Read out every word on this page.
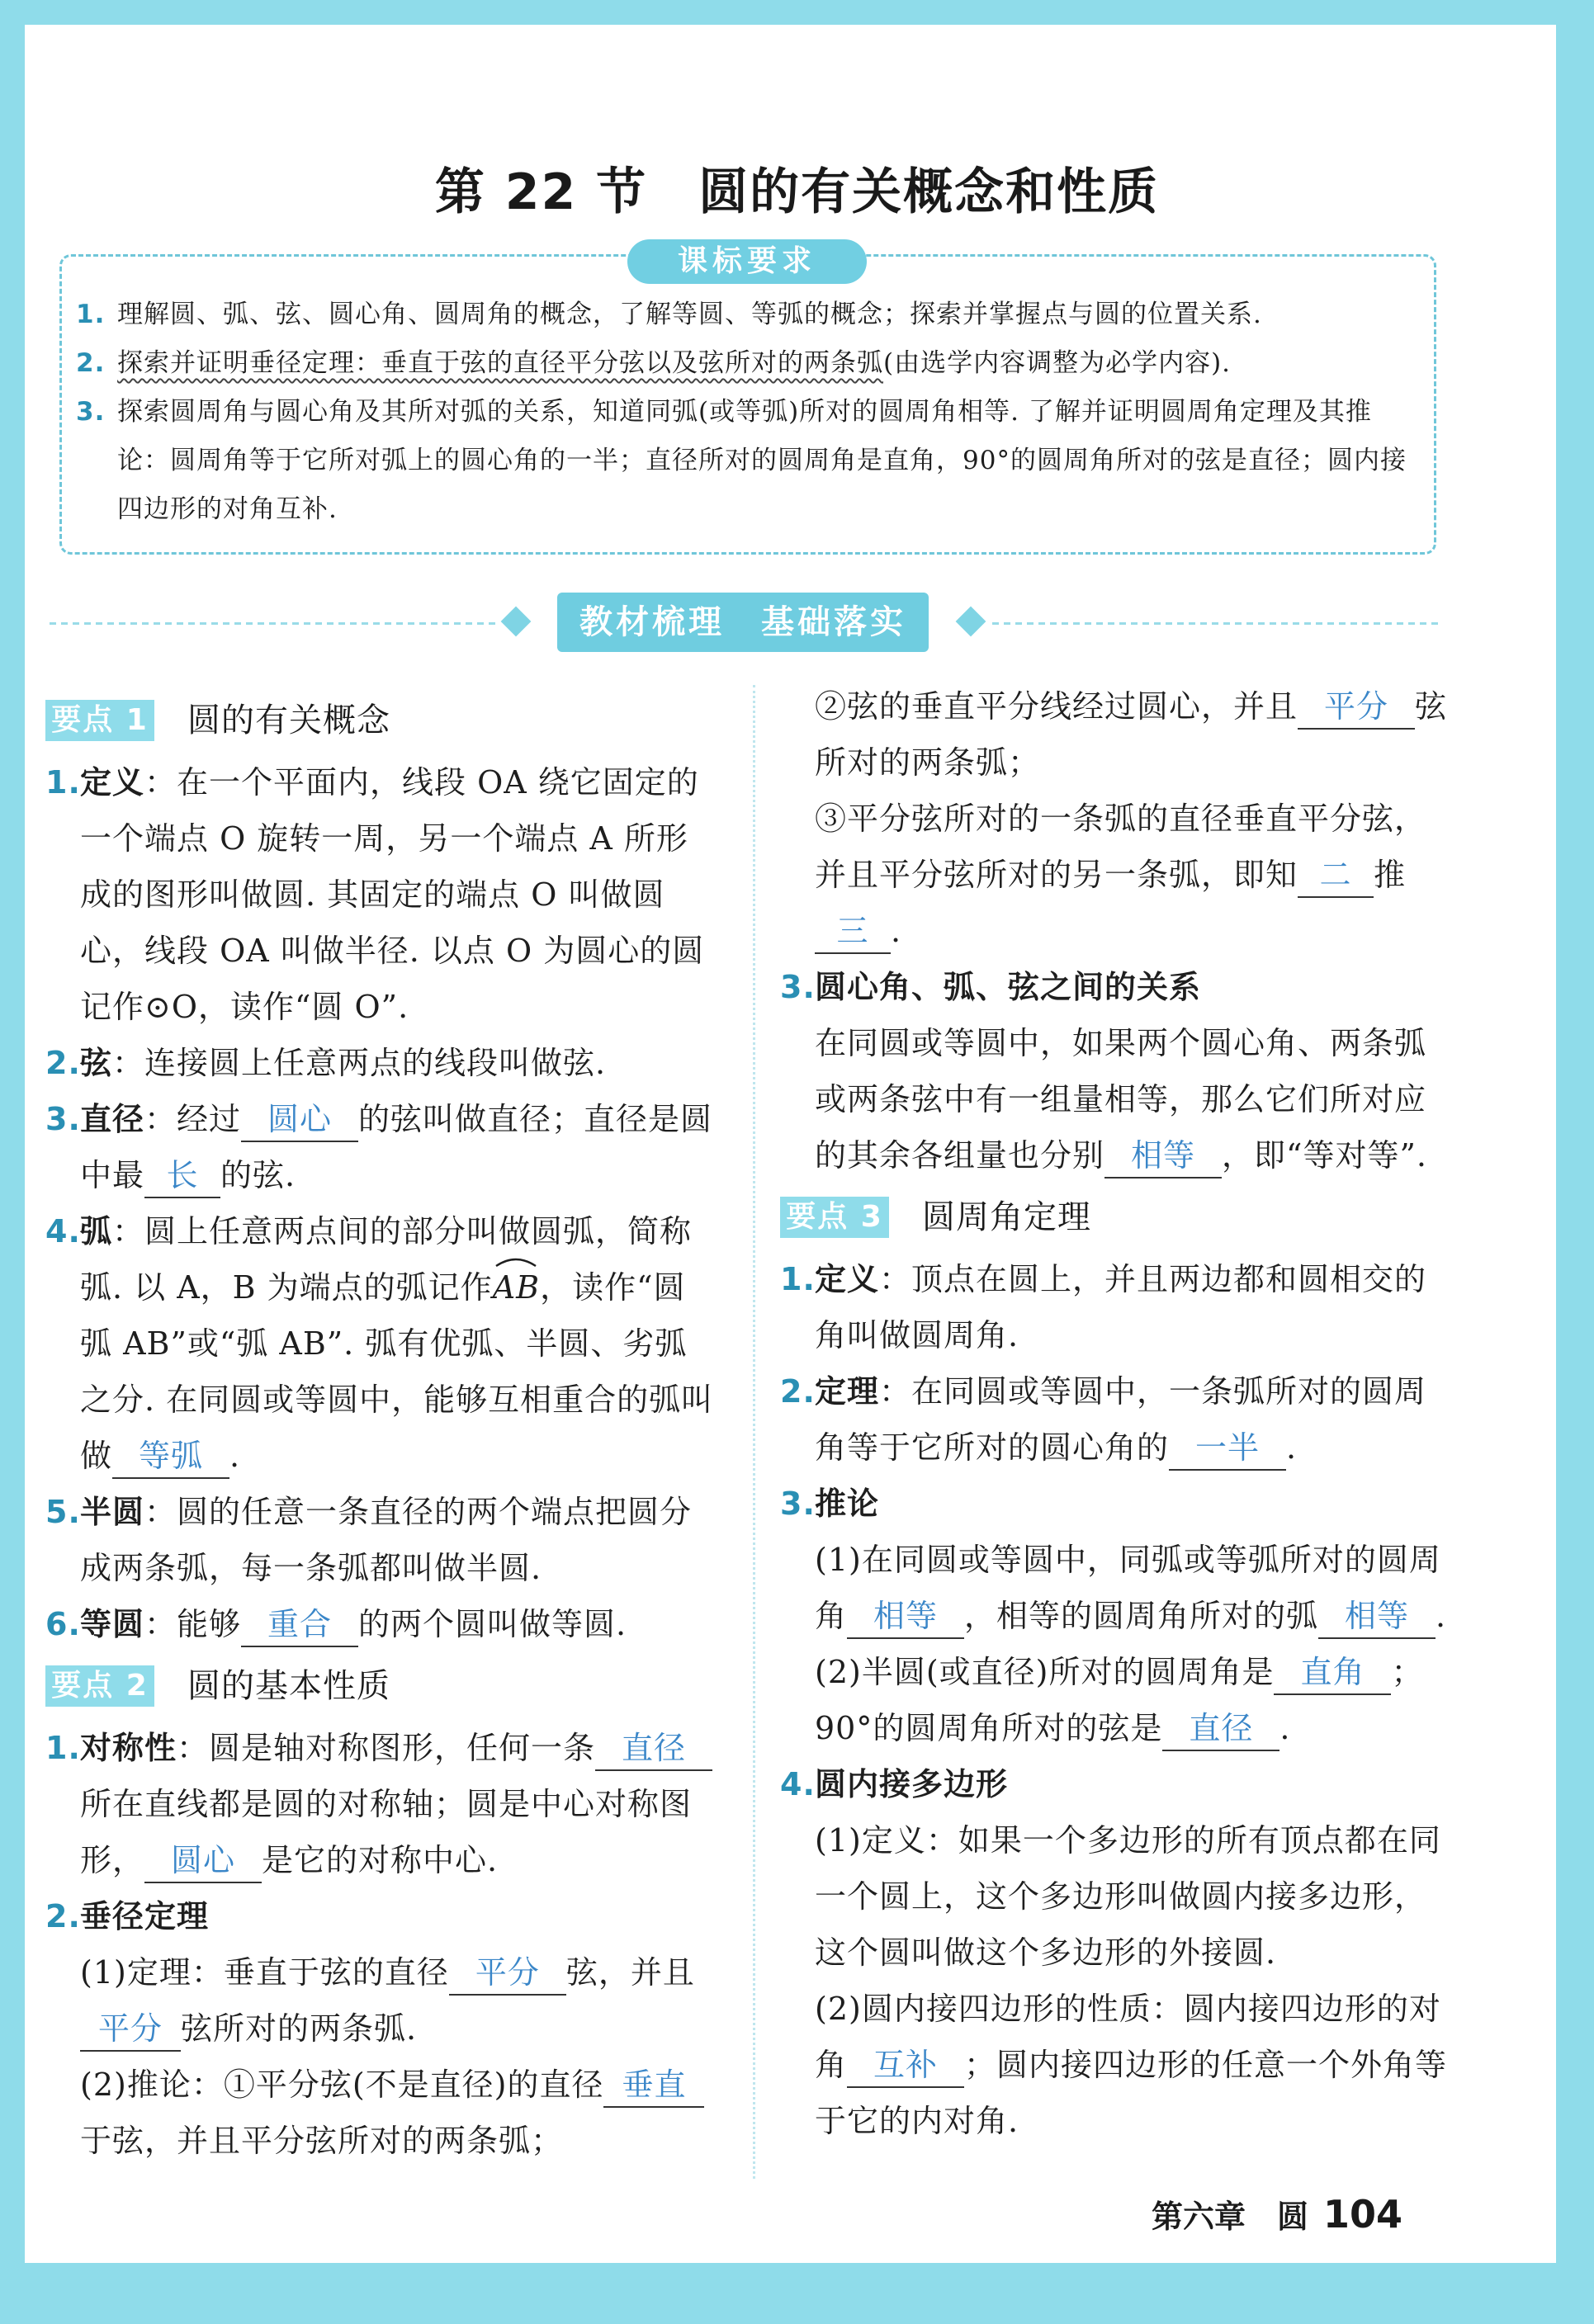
第 22 节　圆的有关概念和性质
课标要求
1. 理解圆、弧、弦、圆心角、圆周角的概念，了解等圆、等弧的概念；探索并掌握点与圆的位置关系.
2. 探索并证明垂径定理：垂直于弦的直径平分弦以及弦所对的两条弧(由选学内容调整为必学内容).
3. 探索圆周角与圆心角及其所对弧的关系，知道同弧(或等弧)所对的圆周角相等. 了解并证明圆周角定理及其推论：圆周角等于它所对弧上的圆心角的一半；直径所对的圆周角是直角，90°的圆周角所对的弦是直径；圆内接四边形的对角互补.
教材梳理　基础落实
要点 1 圆的有关概念
1. 定义：在一个平面内，线段 OA 绕它固定的一个端点 O 旋转一周，另一个端点 A 所形成的图形叫做圆. 其固定的端点 O 叫做圆心，线段 OA 叫做半径. 以点 O 为圆心的圆记作⊙O，读作“圆 O”.
2. 弦：连接圆上任意两点的线段叫做弦.
3. 直径：经过 圆心 的弦叫做直径；直径是圆中最 长 的弦.
4. 弧：圆上任意两点间的部分叫做圆弧，简称弧. 以 A，B 为端点的弧记作
AB，读作“圆弧 AB”或“弧 AB”. 弧有优弧、半圆、劣弧之分. 在同圆或等圆中，能够互相重合的弧叫做 等弧 .
5. 半圆：圆的任意一条直径的两个端点把圆分成两条弧，每一条弧都叫做半圆.
6. 等圆：能够 重合 的两个圆叫做等圆.
要点 2 圆的基本性质
1. 对称性：圆是轴对称图形，任何一条 直径所在直线都是圆的对称轴；圆是中心对称图形， 圆心 是它的对称中心.
2. 垂径定理
(1)定理：垂直于弦的直径 平分 弦，并且平分 弦所对的两条弧.
(2)推论：①平分弦(不是直径)的直径 垂直于弦，并且平分弦所对的两条弧；
②弦的垂直平分线经过圆心，并且 平分 弦所对的两条弧；
③平分弦所对的一条弧的直径垂直平分弦，并且平分弦所对的另一条弧，即知 二 推三 .
3. 圆心角、弧、弦之间的关系
在同圆或等圆中，如果两个圆心角、两条弧或两条弦中有一组量相等，那么它们所对应的其余各组量也分别 相等 ，即“等对等”.
要点 3 圆周角定理
1. 定义：顶点在圆上，并且两边都和圆相交的角叫做圆周角.
2. 定理：在同圆或等圆中，一条弧所对的圆周角等于它所对的圆心角的 一半 .
3. 推论
(1)在同圆或等圆中，同弧或等弧所对的圆周角 相等 ，相等的圆周角所对的弧 相等 .
(2)半圆(或直径)所对的圆周角是 直角 ；90°的圆周角所对的弦是 直径 .
4. 圆内接多边形
(1)定义：如果一个多边形的所有顶点都在同一个圆上，这个多边形叫做圆内接多边形，这个圆叫做这个多边形的外接圆.
(2)圆内接四边形的性质：圆内接四边形的对角 互补 ；圆内接四边形的任意一个外角等于它的内对角.
第六章　圆 104
